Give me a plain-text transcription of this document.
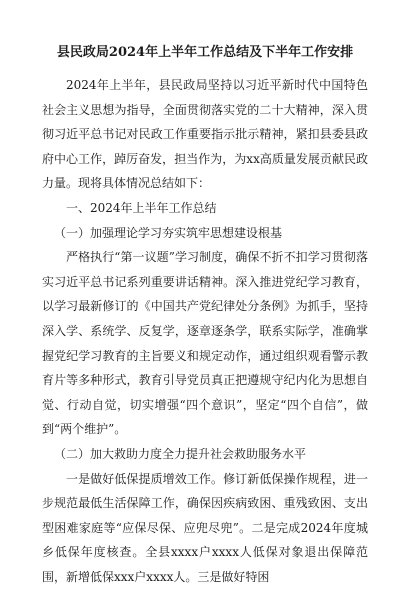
县民政局2024年上半年工作总结及下半年工作安排

2024年上半年，县民政局坚持以习近平新时代中国特色社会主义思想为指导，全面贯彻落实党的二十大精神，深入贯彻习近平总书记对民政工作重要指示批示精神，紧扣县委县政府中心工作，踔厉奋发，担当作为，为xx高质量发展贡献民政力量。现将具体情况总结如下：

一、2024年上半年工作总结

（一）加强理论学习夯实筑牢思想建设根基

严格执行“第一议题”学习制度，确保不折不扣学习贯彻落实习近平总书记系列重要讲话精神。深入推进党纪学习教育，以学习最新修订的《中国共产党纪律处分条例》为抓手，坚持深入学、系统学、反复学，逐章逐条学，联系实际学，准确掌握党纪学习教育的主旨要义和规定动作，通过组织观看警示教育片等多种形式，教育引导党员真正把遵规守纪内化为思想自觉、行动自觉，切实增强“四个意识”，坚定“四个自信”，做到“两个维护”。

（二）加大救助力度全力提升社会救助服务水平

一是做好低保提质增效工作。修订新低保操作规程，进一步规范最低生活保障工作，确保因疾病致困、重残致困、支出型困难家庭等“应保尽保、应兜尽兜”。二是完成2024年度城乡低保年度核查。全县xxxx户xxxx人低保对象退出保障范围，新增低保xxx户xxxx人。三是做好特困
